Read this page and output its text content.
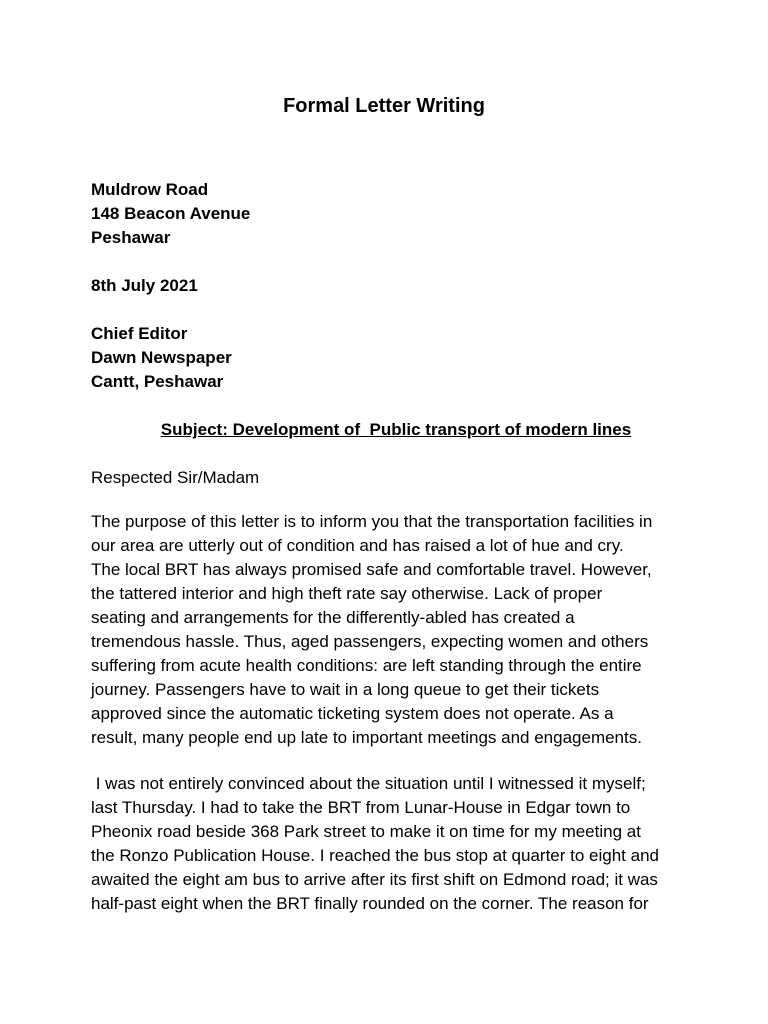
Formal Letter Writing
Muldrow Road
148 Beacon Avenue
Peshawar
8th July 2021
Chief Editor
Dawn Newspaper
Cantt, Peshawar
Subject: Development of  Public transport of modern lines
Respected Sir/Madam
The purpose of this letter is to inform you that the transportation facilities in
our area are utterly out of condition and has raised a lot of hue and cry.
The local BRT has always promised safe and comfortable travel. However,
the tattered interior and high theft rate say otherwise. Lack of proper
seating and arrangements for the differently-abled has created a
tremendous hassle. Thus, aged passengers, expecting women and others
suffering from acute health conditions: are left standing through the entire
journey. Passengers have to wait in a long queue to get their tickets
approved since the automatic ticketing system does not operate. As a
result, many people end up late to important meetings and engagements.
I was not entirely convinced about the situation until I witnessed it myself;
last Thursday. I had to take the BRT from Lunar-House in Edgar town to
Pheonix road beside 368 Park street to make it on time for my meeting at
the Ronzo Publication House. I reached the bus stop at quarter to eight and
awaited the eight am bus to arrive after its first shift on Edmond road; it was
half-past eight when the BRT finally rounded on the corner. The reason for
